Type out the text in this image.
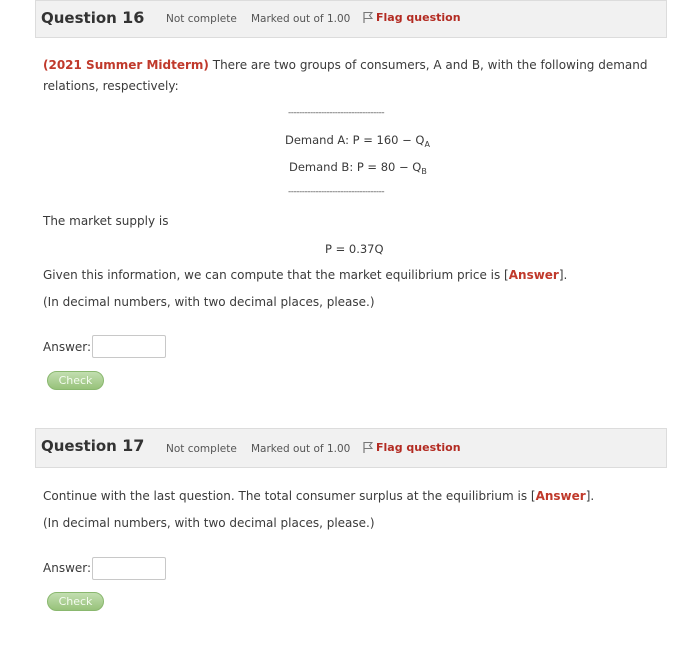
Question 16 Not complete Marked out of 1.00	Flag question
(2021 Summer Midterm) There are two groups of consumers, A and B, with the following demand relations, respectively:
-----------------------------------
Demand A: $P = 160 - Q_A$
Demand B: $P = 80 - Q_B$
-----------------------------------
The market supply is
P = 0.37Q
Given this information, we can compute that the market equilibrium price is [Answer].
(In decimal numbers, with two decimal places, please.)
Answer:
Check
Question 17 Not complete Marked out of 1.00	Flag question
Continue with the last question. The total consumer surplus at the equilibrium is [Answer].
(In decimal numbers, with two decimal places, please.)
Answer:
Check
